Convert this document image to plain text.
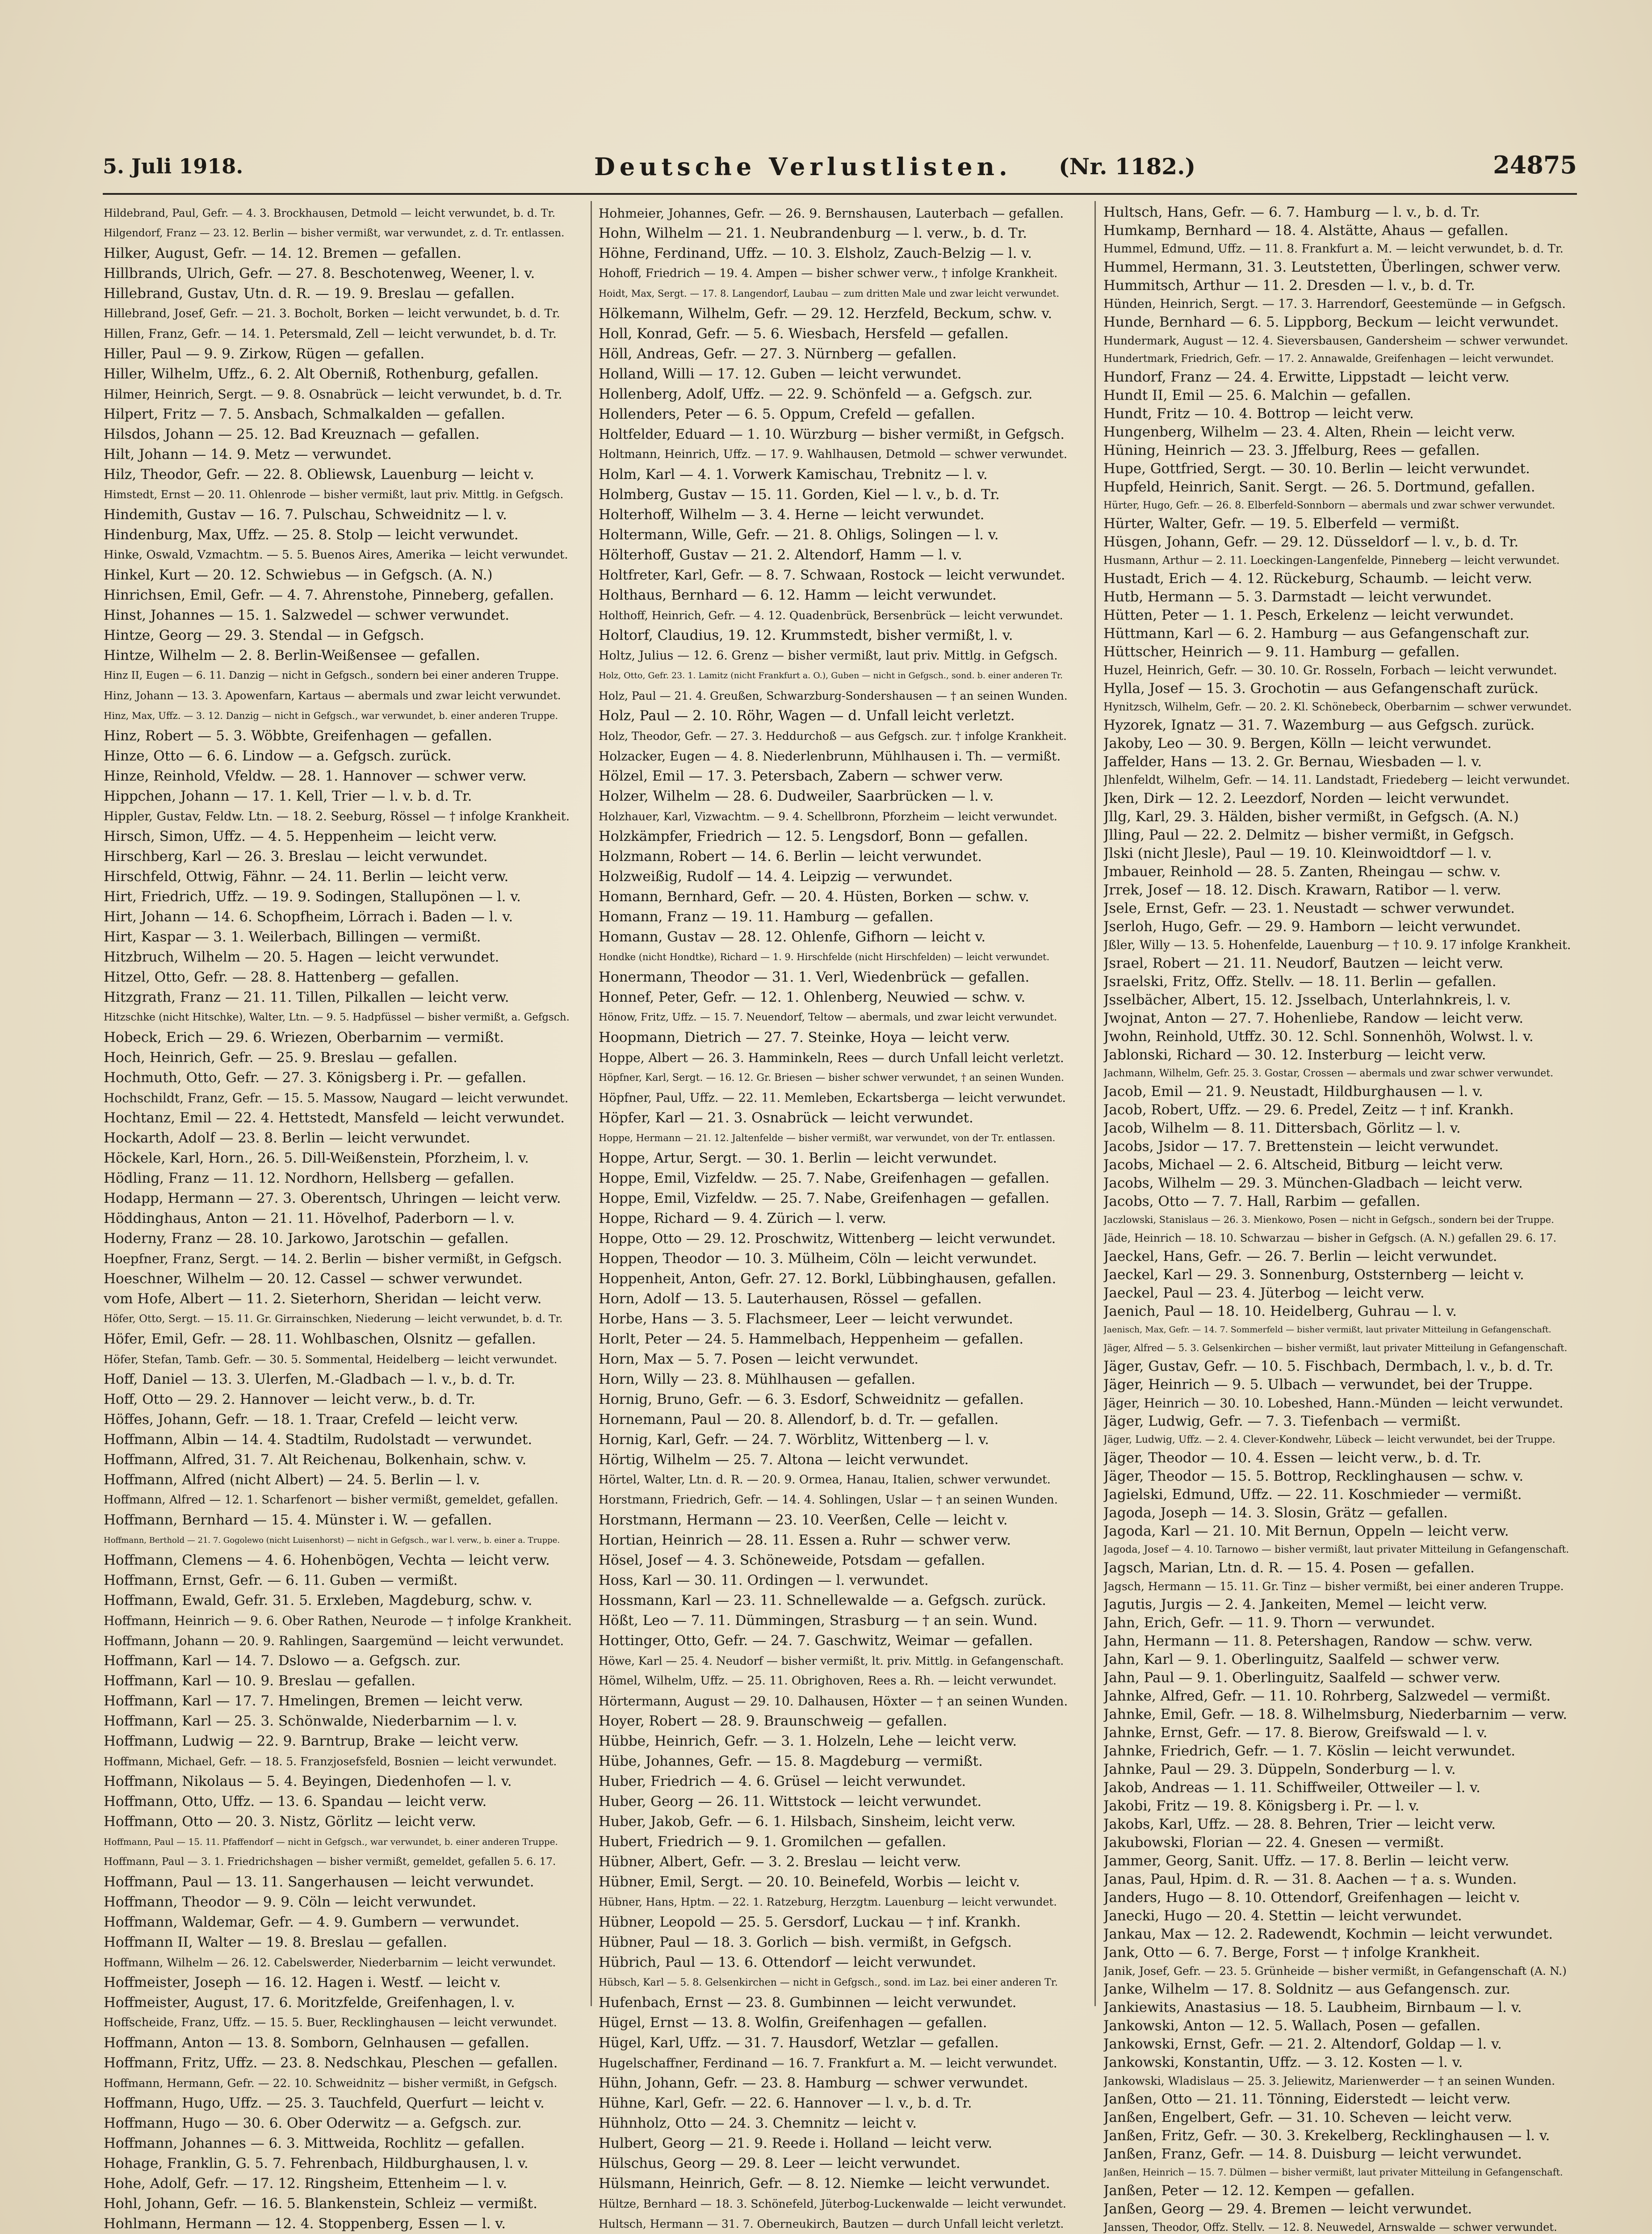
5. Juli 1918.	Deutsche Verlustlisten. (Nr. 1182.)	24875

Hildebrand, Paul, Gefr. — 4. 3. Brockhausen, Detmold — leicht verwundet, b. d. Tr.

Hilgendorf, Franz — 23. 12. Berlin — bisher vermißt, war verwundet, z. d. Tr. entlassen.

Hilker, August, Gefr. — 14. 12. Bremen — gefallen.

Hillbrands, Ulrich, Gefr. — 27. 8. Beschotenweg, Weener, l. v.

Hillebrand, Gustav, Utn. d. R. — 19. 9. Breslau — gefallen.

Hillebrand, Josef, Gefr. — 21. 3. Bocholt, Borken — leicht verwundet, b. d. Tr.

Hillen, Franz, Gefr. — 14. 1. Petersmald, Zell — leicht verwundet, b. d. Tr.

Hiller, Paul — 9. 9. Zirkow, Rügen — gefallen.

Hiller, Wilhelm, Uffz., 6. 2. Alt Oberniß, Rothenburg, gefallen.

Hilmer, Heinrich, Sergt. — 9. 8. Osnabrück — leicht verwundet, b. d. Tr.

Hilpert, Fritz — 7. 5. Ansbach, Schmalkalden — gefallen.

Hilsdos, Johann — 25. 12. Bad Kreuznach — gefallen.

Hilt, Johann — 14. 9. Metz — verwundet.

Hilz, Theodor, Gefr. — 22. 8. Obliewsk, Lauenburg — leicht v.

Himstedt, Ernst — 20. 11. Ohlenrode — bisher vermißt, laut priv. Mittlg. in Gefgsch.

Hindemith, Gustav — 16. 7. Pulschau, Schweidnitz — l. v.

Hindenburg, Max, Uffz. — 25. 8. Stolp — leicht verwundet.

Hinke, Oswald, Vzmachtm. — 5. 5. Buenos Aires, Amerika — leicht verwundet.

Hinkel, Kurt — 20. 12. Schwiebus — in Gefgsch. (A. N.)

Hinrichsen, Emil, Gefr. — 4. 7. Ahrenstohe, Pinneberg, gefallen.

Hinst, Johannes — 15. 1. Salzwedel — schwer verwundet.

Hintze, Georg — 29. 3. Stendal — in Gefgsch.

Hintze, Wilhelm — 2. 8. Berlin-Weißensee — gefallen.

Hinz II, Eugen — 6. 11. Danzig — nicht in Gefgsch., sondern bei einer anderen Truppe.

Hinz, Johann — 13. 3. Apowenfarn, Kartaus — abermals und zwar leicht verwundet.

Hinz, Max, Uffz. — 3. 12. Danzig — nicht in Gefgsch., war verwundet, b. einer anderen Truppe.

Hinz, Robert — 5. 3. Wöbbte, Greifenhagen — gefallen.

Hinze, Otto — 6. 6. Lindow — a. Gefgsch. zurück.

Hinze, Reinhold, Vfeldw. — 28. 1. Hannover — schwer verw.

Hippchen, Johann — 17. 1. Kell, Trier — l. v. b. d. Tr.

Hippler, Gustav, Feldw. Ltn. — 18. 2. Seeburg, Rössel — † infolge Krankheit.

Hirsch, Simon, Uffz. — 4. 5. Heppenheim — leicht verw.

Hirschberg, Karl — 26. 3. Breslau — leicht verwundet.

Hirschfeld, Ottwig, Fähnr. — 24. 11. Berlin — leicht verw.

Hirt, Friedrich, Uffz. — 19. 9. Sodingen, Stallupönen — l. v.

Hirt, Johann — 14. 6. Schopfheim, Lörrach i. Baden — l. v.

Hirt, Kaspar — 3. 1. Weilerbach, Billingen — vermißt.

Hitzbruch, Wilhelm — 20. 5. Hagen — leicht verwundet.

Hitzel, Otto, Gefr. — 28. 8. Hattenberg — gefallen.

Hitzgrath, Franz — 21. 11. Tillen, Pilkallen — leicht verw.

Hitzschke (nicht Hitschke), Walter, Ltn. — 9. 5. Hadpfüssel — bisher vermißt, a. Gefgsch.

Hobeck, Erich — 29. 6. Wriezen, Oberbarnim — vermißt.

Hoch, Heinrich, Gefr. — 25. 9. Breslau — gefallen.

Hochmuth, Otto, Gefr. — 27. 3. Königsberg i. Pr. — gefallen.

Hochschildt, Franz, Gefr. — 15. 5. Massow, Naugard — leicht verwundet.

Hochtanz, Emil — 22. 4. Hettstedt, Mansfeld — leicht verwundet.

Hockarth, Adolf — 23. 8. Berlin — leicht verwundet.

Höckele, Karl, Horn., 26. 5. Dill-Weißenstein, Pforzheim, l. v.

Hödling, Franz — 11. 12. Nordhorn, Hellsberg — gefallen.

Hodapp, Hermann — 27. 3. Oberentsch, Uhringen — leicht verw.

Höddinghaus, Anton — 21. 11. Hövelhof, Paderborn — l. v.

Hoderny, Franz — 28. 10. Jarkowo, Jarotschin — gefallen.

Hoepfner, Franz, Sergt. — 14. 2. Berlin — bisher vermißt, in Gefgsch.

Hoeschner, Wilhelm — 20. 12. Cassel — schwer verwundet.

vom Hofe, Albert — 11. 2. Sieterhorn, Sheridan — leicht verw.

Höfer, Otto, Sergt. — 15. 11. Gr. Girrainschken, Niederung — leicht verwundet, b. d. Tr.

Höfer, Emil, Gefr. — 28. 11. Wohlbaschen, Olsnitz — gefallen.

Höfer, Stefan, Tamb. Gefr. — 30. 5. Sommental, Heidelberg — leicht verwundet.

Hoff, Daniel — 13. 3. Ulerfen, M.-Gladbach — l. v., b. d. Tr.

Hoff, Otto — 29. 2. Hannover — leicht verw., b. d. Tr.

Höffes, Johann, Gefr. — 18. 1. Traar, Crefeld — leicht verw.

Hoffmann, Albin — 14. 4. Stadtilm, Rudolstadt — verwundet.

Hoffmann, Alfred, 31. 7. Alt Reichenau, Bolkenhain, schw. v.

Hoffmann, Alfred (nicht Albert) — 24. 5. Berlin — l. v.

Hoffmann, Alfred — 12. 1. Scharfenort — bisher vermißt, gemeldet, gefallen.

Hoffmann, Bernhard — 15. 4. Münster i. W. — gefallen.

Hoffmann, Berthold — 21. 7. Gogolewo (nicht Luisenhorst) — nicht in Gefgsch., war l. verw., b. einer a. Truppe.

Hoffmann, Clemens — 4. 6. Hohenbögen, Vechta — leicht verw.

Hoffmann, Ernst, Gefr. — 6. 11. Guben — vermißt.

Hoffmann, Ewald, Gefr. 31. 5. Erxleben, Magdeburg, schw. v.

Hoffmann, Heinrich — 9. 6. Ober Rathen, Neurode — † infolge Krankheit.

Hoffmann, Johann — 20. 9. Rahlingen, Saargemünd — leicht verwundet.

Hoffmann, Karl — 14. 7. Dslowo — a. Gefgsch. zur.

Hoffmann, Karl — 10. 9. Breslau — gefallen.

Hoffmann, Karl — 17. 7. Hmelingen, Bremen — leicht verw.

Hoffmann, Karl — 25. 3. Schönwalde, Niederbarnim — l. v.

Hoffmann, Ludwig — 22. 9. Barntrup, Brake — leicht verw.

Hoffmann, Michael, Gefr. — 18. 5. Franzjosefsfeld, Bosnien — leicht verwundet.

Hoffmann, Nikolaus — 5. 4. Beyingen, Diedenhofen — l. v.

Hoffmann, Otto, Uffz. — 13. 6. Spandau — leicht verw.

Hoffmann, Otto — 20. 3. Nistz, Görlitz — leicht verw.

Hoffmann, Paul — 15. 11. Pfaffendorf — nicht in Gefgsch., war verwundet, b. einer anderen Truppe.

Hoffmann, Paul — 3. 1. Friedrichshagen — bisher vermißt, gemeldet, gefallen 5. 6. 17.

Hoffmann, Paul — 13. 11. Sangerhausen — leicht verwundet.

Hoffmann, Theodor — 9. 9. Cöln — leicht verwundet.

Hoffmann, Waldemar, Gefr. — 4. 9. Gumbern — verwundet.

Hoffmann II, Walter — 19. 8. Breslau — gefallen.

Hoffmann, Wilhelm — 26. 12. Cabelswerder, Niederbarnim — leicht verwundet.

Hoffmeister, Joseph — 16. 12. Hagen i. Westf. — leicht v.

Hoffmeister, August, 17. 6. Moritzfelde, Greifenhagen, l. v.

Hoffscheide, Franz, Uffz. — 15. 5. Buer, Recklinghausen — leicht verwundet.

Hoffmann, Anton — 13. 8. Somborn, Gelnhausen — gefallen.

Hoffmann, Fritz, Uffz. — 23. 8. Nedschkau, Pleschen — gefallen.

Hoffmann, Hermann, Gefr. — 22. 10. Schweidnitz — bisher vermißt, in Gefgsch.

Hoffmann, Hugo, Uffz. — 25. 3. Tauchfeld, Querfurt — leicht v.

Hoffmann, Hugo — 30. 6. Ober Oderwitz — a. Gefgsch. zur.

Hoffmann, Johannes — 6. 3. Mittweida, Rochlitz — gefallen.

Hohage, Franklin, G. 5. 7. Fehrenbach, Hildburghausen, l. v.

Hohe, Adolf, Gefr. — 17. 12. Ringsheim, Ettenheim — l. v.

Hohl, Johann, Gefr. — 16. 5. Blankenstein, Schleiz — vermißt.

Hohlmann, Hermann — 12. 4. Stoppenberg, Essen — l. v.

Hohmeier, Johannes, Gefr. — 26. 9. Bernshausen, Lauterbach — gefallen.

Hohn, Wilhelm — 21. 1. Neubrandenburg — l. verw., b. d. Tr.

Höhne, Ferdinand, Uffz. — 10. 3. Elsholz, Zauch-Belzig — l. v.

Hohoff, Friedrich — 19. 4. Ampen — bisher schwer verw., † infolge Krankheit.

Hoidt, Max, Sergt. — 17. 8. Langendorf, Laubau — zum dritten Male und zwar leicht verwundet.

Hölkemann, Wilhelm, Gefr. — 29. 12. Herzfeld, Beckum, schw. v.

Holl, Konrad, Gefr. — 5. 6. Wiesbach, Hersfeld — gefallen.

Höll, Andreas, Gefr. — 27. 3. Nürnberg — gefallen.

Holland, Willi — 17. 12. Guben — leicht verwundet.

Hollenberg, Adolf, Uffz. — 22. 9. Schönfeld — a. Gefgsch. zur.

Hollenders, Peter — 6. 5. Oppum, Crefeld — gefallen.

Holtfelder, Eduard — 1. 10. Würzburg — bisher vermißt, in Gefgsch.

Holtmann, Heinrich, Uffz. — 17. 9. Wahlhausen, Detmold — schwer verwundet.

Holm, Karl — 4. 1. Vorwerk Kamischau, Trebnitz — l. v.

Holmberg, Gustav — 15. 11. Gorden, Kiel — l. v., b. d. Tr.

Holterhoff, Wilhelm — 3. 4. Herne — leicht verwundet.

Holtermann, Wille, Gefr. — 21. 8. Ohligs, Solingen — l. v.

Hölterhoff, Gustav — 21. 2. Altendorf, Hamm — l. v.

Holtfreter, Karl, Gefr. — 8. 7. Schwaan, Rostock — leicht verwundet.

Holthaus, Bernhard — 6. 12. Hamm — leicht verwundet.

Holthoff, Heinrich, Gefr. — 4. 12. Quadenbrück, Bersenbrück — leicht verwundet.

Holtorf, Claudius, 19. 12. Krummstedt, bisher vermißt, l. v.

Holtz, Julius — 12. 6. Grenz — bisher vermißt, laut priv. Mittlg. in Gefgsch.

Holz, Otto, Gefr. 23. 1. Lamitz (nicht Frankfurt a. O.), Guben — nicht in Gefgsch., sond. b. einer anderen Tr.

Holz, Paul — 21. 4. Greußen, Schwarzburg-Sondershausen — † an seinen Wunden.

Holz, Paul — 2. 10. Röhr, Wagen — d. Unfall leicht verletzt.

Holz, Theodor, Gefr. — 27. 3. Heddurchoß — aus Gefgsch. zur. † infolge Krankheit.

Holzacker, Eugen — 4. 8. Niederlenbrunn, Mühlhausen i. Th. — vermißt.

Hölzel, Emil — 17. 3. Petersbach, Zabern — schwer verw.

Holzer, Wilhelm — 28. 6. Dudweiler, Saarbrücken — l. v.

Holzhauer, Karl, Vizwachtm. — 9. 4. Schellbronn, Pforzheim — leicht verwundet.

Holzkämpfer, Friedrich — 12. 5. Lengsdorf, Bonn — gefallen.

Holzmann, Robert — 14. 6. Berlin — leicht verwundet.

Holzweißig, Rudolf — 14. 4. Leipzig — verwundet.

Homann, Bernhard, Gefr. — 20. 4. Hüsten, Borken — schw. v.

Homann, Franz — 19. 11. Hamburg — gefallen.

Homann, Gustav — 28. 12. Ohlenfe, Gifhorn — leicht v.

Hondke (nicht Hondtke), Richard — 1. 9. Hirschfelde (nicht Hirschfelden) — leicht verwundet.

Honermann, Theodor — 31. 1. Verl, Wiedenbrück — gefallen.

Honnef, Peter, Gefr. — 12. 1. Ohlenberg, Neuwied — schw. v.

Hönow, Fritz, Uffz. — 15. 7. Neuendorf, Teltow — abermals, und zwar leicht verwundet.

Hoopmann, Dietrich — 27. 7. Steinke, Hoya — leicht verw.

Hoppe, Albert — 26. 3. Hamminkeln, Rees — durch Unfall leicht verletzt.

Höpfner, Karl, Sergt. — 16. 12. Gr. Briesen — bisher schwer verwundet, † an seinen Wunden.

Höpfner, Paul, Uffz. — 22. 11. Memleben, Eckartsberga — leicht verwundet.

Höpfer, Karl — 21. 3. Osnabrück — leicht verwundet.

Hoppe, Hermann — 21. 12. Jaltenfelde — bisher vermißt, war verwundet, von der Tr. entlassen.

Hoppe, Artur, Sergt. — 30. 1. Berlin — leicht verwundet.

Hoppe, Emil, Vizfeldw. — 25. 7. Nabe, Greifenhagen — gefallen.

Hoppe, Emil, Vizfeldw. — 25. 7. Nabe, Greifenhagen — gefallen.

Hoppe, Richard — 9. 4. Zürich — l. verw.

Hoppe, Otto — 29. 12. Proschwitz, Wittenberg — leicht verwundet.

Hoppen, Theodor — 10. 3. Mülheim, Cöln — leicht verwundet.

Hoppenheit, Anton, Gefr. 27. 12. Borkl, Lübbinghausen, gefallen.

Horn, Adolf — 13. 5. Lauterhausen, Rössel — gefallen.

Horbe, Hans — 3. 5. Flachsmeer, Leer — leicht verwundet.

Horlt, Peter — 24. 5. Hammelbach, Heppenheim — gefallen.

Horn, Max — 5. 7. Posen — leicht verwundet.

Horn, Willy — 23. 8. Mühlhausen — gefallen.

Hornig, Bruno, Gefr. — 6. 3. Esdorf, Schweidnitz — gefallen.

Hornemann, Paul — 20. 8. Allendorf, b. d. Tr. — gefallen.

Hornig, Karl, Gefr. — 24. 7. Wörblitz, Wittenberg — l. v.

Hörtig, Wilhelm — 25. 7. Altona — leicht verwundet.

Hörtel, Walter, Ltn. d. R. — 20. 9. Ormea, Hanau, Italien, schwer verwundet.

Horstmann, Friedrich, Gefr. — 14. 4. Sohlingen, Uslar — † an seinen Wunden.

Horstmann, Hermann — 23. 10. Veerßen, Celle — leicht v.

Hortian, Heinrich — 28. 11. Essen a. Ruhr — schwer verw.

Hösel, Josef — 4. 3. Schöneweide, Potsdam — gefallen.

Hoss, Karl — 30. 11. Ordingen — l. verwundet.

Hossmann, Karl — 23. 11. Schnellewalde — a. Gefgsch. zurück.

Hößt, Leo — 7. 11. Dümmingen, Strasburg — † an sein. Wund.

Hottinger, Otto, Gefr. — 24. 7. Gaschwitz, Weimar — gefallen.

Höwe, Karl — 25. 4. Neudorf — bisher vermißt, lt. priv. Mittlg. in Gefangenschaft.

Hömel, Wilhelm, Uffz. — 25. 11. Obrighoven, Rees a. Rh. — leicht verwundet.

Hörtermann, August — 29. 10. Dalhausen, Höxter — † an seinen Wunden.

Hoyer, Robert — 28. 9. Braunschweig — gefallen.

Hübbe, Heinrich, Gefr. — 3. 1. Holzeln, Lehe — leicht verw.

Hübe, Johannes, Gefr. — 15. 8. Magdeburg — vermißt.

Huber, Friedrich — 4. 6. Grüsel — leicht verwundet.

Huber, Georg — 26. 11. Wittstock — leicht verwundet.

Huber, Jakob, Gefr. — 6. 1. Hilsbach, Sinsheim, leicht verw.

Hubert, Friedrich — 9. 1. Gromilchen — gefallen.

Hübner, Albert, Gefr. — 3. 2. Breslau — leicht verw.

Hübner, Emil, Sergt. — 20. 10. Beinefeld, Worbis — leicht v.

Hübner, Hans, Hptm. — 22. 1. Ratzeburg, Herzgtm. Lauenburg — leicht verwundet.

Hübner, Leopold — 25. 5. Gersdorf, Luckau — † inf. Krankh.

Hübner, Paul — 18. 3. Gorlich — bish. vermißt, in Gefgsch.

Hübrich, Paul — 13. 6. Ottendorf — leicht verwundet.

Hübsch, Karl — 5. 8. Gelsenkirchen — nicht in Gefgsch., sond. im Laz. bei einer anderen Tr.

Hufenbach, Ernst — 23. 8. Gumbinnen — leicht verwundet.

Hügel, Ernst — 13. 8. Wolfin, Greifenhagen — gefallen.

Hügel, Karl, Uffz. — 31. 7. Hausdorf, Wetzlar — gefallen.

Hugelschaffner, Ferdinand — 16. 7. Frankfurt a. M. — leicht verwundet.

Hühn, Johann, Gefr. — 23. 8. Hamburg — schwer verwundet.

Hühne, Karl, Gefr. — 22. 6. Hannover — l. v., b. d. Tr.

Hühnholz, Otto — 24. 3. Chemnitz — leicht v.

Hulbert, Georg — 21. 9. Reede i. Holland — leicht verw.

Hülschus, Georg — 29. 8. Leer — leicht verwundet.

Hülsmann, Heinrich, Gefr. — 8. 12. Niemke — leicht verwundet.

Hültze, Bernhard — 18. 3. Schönefeld, Jüterbog-Luckenwalde — leicht verwundet.

Hultsch, Hermann — 31. 7. Oberneukirch, Bautzen — durch Unfall leicht verletzt.

Hultsch, Hans, Gefr. — 6. 7. Hamburg — l. v., b. d. Tr.

Humkamp, Bernhard — 18. 4. Alstätte, Ahaus — gefallen.

Hummel, Edmund, Uffz. — 11. 8. Frankfurt a. M. — leicht verwundet, b. d. Tr.

Hummel, Hermann, 31. 3. Leutstetten, Überlingen, schwer verw.

Hummitsch, Arthur — 11. 2. Dresden — l. v., b. d. Tr.

Hünden, Heinrich, Sergt. — 17. 3. Harrendorf, Geestemünde — in Gefgsch.

Hunde, Bernhard — 6. 5. Lippborg, Beckum — leicht verwundet.

Hundermark, August — 12. 4. Sieversbausen, Gandersheim — schwer verwundet.

Hundertmark, Friedrich, Gefr. — 17. 2. Annawalde, Greifenhagen — leicht verwundet.

Hundorf, Franz — 24. 4. Erwitte, Lippstadt — leicht verw.

Hundt II, Emil — 25. 6. Malchin — gefallen.

Hundt, Fritz — 10. 4. Bottrop — leicht verw.

Hungenberg, Wilhelm — 23. 4. Alten, Rhein — leicht verw.

Hüning, Heinrich — 23. 3. Jffelburg, Rees — gefallen.

Hupe, Gottfried, Sergt. — 30. 10. Berlin — leicht verwundet.

Hupfeld, Heinrich, Sanit. Sergt. — 26. 5. Dortmund, gefallen.

Hürter, Hugo, Gefr. — 26. 8. Elberfeld-Sonnborn — abermals und zwar schwer verwundet.

Hürter, Walter, Gefr. — 19. 5. Elberfeld — vermißt.

Hüsgen, Johann, Gefr. — 29. 12. Düsseldorf — l. v., b. d. Tr.

Husmann, Arthur — 2. 11. Loeckingen-Langenfelde, Pinneberg — leicht verwundet.

Hustadt, Erich — 4. 12. Rückeburg, Schaumb. — leicht verw.

Hutb, Hermann — 5. 3. Darmstadt — leicht verwundet.

Hütten, Peter — 1. 1. Pesch, Erkelenz — leicht verwundet.

Hüttmann, Karl — 6. 2. Hamburg — aus Gefangenschaft zur.

Hüttscher, Heinrich — 9. 11. Hamburg — gefallen.

Huzel, Heinrich, Gefr. — 30. 10. Gr. Rosseln, Forbach — leicht verwundet.

Hylla, Josef — 15. 3. Grochotin — aus Gefangenschaft zurück.

Hynitzsch, Wilhelm, Gefr. — 20. 2. Kl. Schönebeck, Oberbarnim — schwer verwundet.

Hyzorek, Ignatz — 31. 7. Wazemburg — aus Gefgsch. zurück.

Jakoby, Leo — 30. 9. Bergen, Kölln — leicht verwundet.

Jaffelder, Hans — 13. 2. Gr. Bernau, Wiesbaden — l. v.

Jhlenfeldt, Wilhelm, Gefr. — 14. 11. Landstadt, Friedeberg — leicht verwundet.

Jken, Dirk — 12. 2. Leezdorf, Norden — leicht verwundet.

Jllg, Karl, 29. 3. Hälden, bisher vermißt, in Gefgsch. (A. N.)

Jlling, Paul — 22. 2. Delmitz — bisher vermißt, in Gefgsch.

Jlski (nicht Jlesle), Paul — 19. 10. Kleinwoidtdorf — l. v.

Jmbauer, Reinhold — 28. 5. Zanten, Rheingau — schw. v.

Jrrek, Josef — 18. 12. Disch. Krawarn, Ratibor — l. verw.

Jsele, Ernst, Gefr. — 23. 1. Neustadt — schwer verwundet.

Jserloh, Hugo, Gefr. — 29. 9. Hamborn — leicht verwundet.

Jßler, Willy — 13. 5. Hohenfelde, Lauenburg — † 10. 9. 17 infolge Krankheit.

Jsrael, Robert — 21. 11. Neudorf, Bautzen — leicht verw.

Jsraelski, Fritz, Offz. Stellv. — 18. 11. Berlin — gefallen.

Jsselbächer, Albert, 15. 12. Jsselbach, Unterlahnkreis, l. v.

Jwojnat, Anton — 27. 7. Hohenliebe, Randow — leicht verw.

Jwohn, Reinhold, Utffz. 30. 12. Schl. Sonnenhöh, Wolwst. l. v.

Jablonski, Richard — 30. 12. Insterburg — leicht verw.

Jachmann, Wilhelm, Gefr. 25. 3. Gostar, Crossen — abermals und zwar schwer verwundet.

Jacob, Emil — 21. 9. Neustadt, Hildburghausen — l. v.

Jacob, Robert, Uffz. — 29. 6. Predel, Zeitz — † inf. Krankh.

Jacob, Wilhelm — 8. 11. Dittersbach, Görlitz — l. v.

Jacobs, Jsidor — 17. 7. Brettenstein — leicht verwundet.

Jacobs, Michael — 2. 6. Altscheid, Bitburg — leicht verw.

Jacobs, Wilhelm — 29. 3. München-Gladbach — leicht verw.

Jacobs, Otto — 7. 7. Hall, Rarbim — gefallen.

Jaczlowski, Stanislaus — 26. 3. Mienkowo, Posen — nicht in Gefgsch., sondern bei der Truppe.

Jäde, Heinrich — 18. 10. Schwarzau — bisher in Gefgsch. (A. N.) gefallen 29. 6. 17.

Jaeckel, Hans, Gefr. — 26. 7. Berlin — leicht verwundet.

Jaeckel, Karl — 29. 3. Sonnenburg, Oststernberg — leicht v.

Jaeckel, Paul — 23. 4. Jüterbog — leicht verw.

Jaenich, Paul — 18. 10. Heidelberg, Guhrau — l. v.

Jaenisch, Max, Gefr. — 14. 7. Sommerfeld — bisher vermißt, laut privater Mitteilung in Gefangenschaft.

Jäger, Alfred — 5. 3. Gelsenkirchen — bisher vermißt, laut privater Mitteilung in Gefangenschaft.

Jäger, Gustav, Gefr. — 10. 5. Fischbach, Dermbach, l. v., b. d. Tr.

Jäger, Heinrich — 9. 5. Ulbach — verwundet, bei der Truppe.

Jäger, Heinrich — 30. 10. Lobeshed, Hann.-Münden — leicht verwundet.

Jäger, Ludwig, Gefr. — 7. 3. Tiefenbach — vermißt.

Jäger, Ludwig, Uffz. — 2. 4. Clever-Kondwehr, Lübeck — leicht verwundet, bei der Truppe.

Jäger, Theodor — 10. 4. Essen — leicht verw., b. d. Tr.

Jäger, Theodor — 15. 5. Bottrop, Recklinghausen — schw. v.

Jagielski, Edmund, Uffz. — 22. 11. Koschmieder — vermißt.

Jagoda, Joseph — 14. 3. Slosin, Grätz — gefallen.

Jagoda, Karl — 21. 10. Mit Bernun, Oppeln — leicht verw.

Jagoda, Josef — 4. 10. Tarnowo — bisher vermißt, laut privater Mitteilung in Gefangenschaft.

Jagsch, Marian, Ltn. d. R. — 15. 4. Posen — gefallen.

Jagsch, Hermann — 15. 11. Gr. Tinz — bisher vermißt, bei einer anderen Truppe.

Jagutis, Jurgis — 2. 4. Jankeiten, Memel — leicht verw.

Jahn, Erich, Gefr. — 11. 9. Thorn — verwundet.

Jahn, Hermann — 11. 8. Petershagen, Randow — schw. verw.

Jahn, Karl — 9. 1. Oberlinguitz, Saalfeld — schwer verw.

Jahn, Paul — 9. 1. Oberlinguitz, Saalfeld — schwer verw.

Jahnke, Alfred, Gefr. — 11. 10. Rohrberg, Salzwedel — vermißt.

Jahnke, Emil, Gefr. — 18. 8. Wilhelmsburg, Niederbarnim — verw.

Jahnke, Ernst, Gefr. — 17. 8. Bierow, Greifswald — l. v.

Jahnke, Friedrich, Gefr. — 1. 7. Köslin — leicht verwundet.

Jahnke, Paul — 29. 3. Düppeln, Sonderburg — l. v.

Jakob, Andreas — 1. 11. Schiffweiler, Ottweiler — l. v.

Jakobi, Fritz — 19. 8. Königsberg i. Pr. — l. v.

Jakobs, Karl, Uffz. — 28. 8. Behren, Trier — leicht verw.

Jakubowski, Florian — 22. 4. Gnesen — vermißt.

Jammer, Georg, Sanit. Uffz. — 17. 8. Berlin — leicht verw.

Janas, Paul, Hpim. d. R. — 31. 8. Aachen — † a. s. Wunden.

Janders, Hugo — 8. 10. Ottendorf, Greifenhagen — leicht v.

Janecki, Hugo — 20. 4. Stettin — leicht verwundet.

Jankau, Max — 12. 2. Radewendt, Kochmin — leicht verwundet.

Jank, Otto — 6. 7. Berge, Forst — † infolge Krankheit.

Janik, Josef, Gefr. — 23. 5. Grünheide — bisher vermißt, in Gefangenschaft (A. N.)

Janke, Wilhelm — 17. 8. Soldnitz — aus Gefangensch. zur.

Jankiewits, Anastasius — 18. 5. Laubheim, Birnbaum — l. v.

Jankowski, Anton — 12. 5. Wallach, Posen — gefallen.

Jankowski, Ernst, Gefr. — 21. 2. Altendorf, Goldap — l. v.

Jankowski, Konstantin, Uffz. — 3. 12. Kosten — l. v.

Jankowski, Wladislaus — 25. 3. Jeliewitz, Marienwerder — † an seinen Wunden.

Janßen, Otto — 21. 11. Tönning, Eiderstedt — leicht verw.

Janßen, Engelbert, Gefr. — 31. 10. Scheven — leicht verw.

Janßen, Fritz, Gefr. — 30. 3. Krekelberg, Recklinghausen — l. v.

Janßen, Franz, Gefr. — 14. 8. Duisburg — leicht verwundet.

Janßen, Heinrich — 15. 7. Dülmen — bisher vermißt, laut privater Mitteilung in Gefangenschaft.

Janßen, Peter — 12. 12. Kempen — gefallen.

Janßen, Georg — 29. 4. Bremen — leicht verwundet.

Janssen, Theodor, Offz. Stellv. — 12. 8. Neuwedel, Arnswalde — schwer verwundet.
